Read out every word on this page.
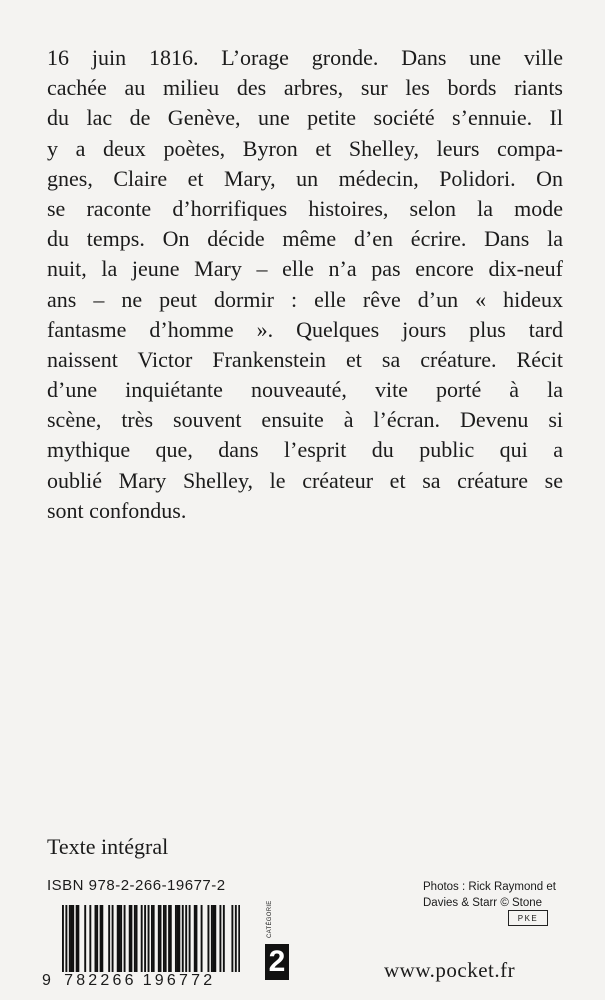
16 juin 1816. L’orage gronde. Dans une ville
cachée au milieu des arbres, sur les bords riants
du lac de Genève, une petite société s’ennuie. Il
y a deux poètes, Byron et Shelley, leurs compa-
gnes, Claire et Mary, un médecin, Polidori. On
se raconte d’horrifiques histoires, selon la mode
du temps. On décide même d’en écrire. Dans la
nuit, la jeune Mary – elle n’a pas encore dix-neuf
ans – ne peut dormir : elle rêve d’un « hideux
fantasme d’homme ». Quelques jours plus tard
naissent Victor Frankenstein et sa créature. Récit
d’une inquiétante nouveauté, vite porté à la
scène, très souvent ensuite à l’écran. Devenu si
mythique que, dans l’esprit du public qui a
oublié Mary Shelley, le créateur et sa créature se
sont confondus.
Texte intégral
ISBN 978-2-266-19677-2
9 782266 196772
CATÉGORIE
2
Photos : Rick Raymond et
Davies & Starr © Stone
PKE
www.pocket.fr
